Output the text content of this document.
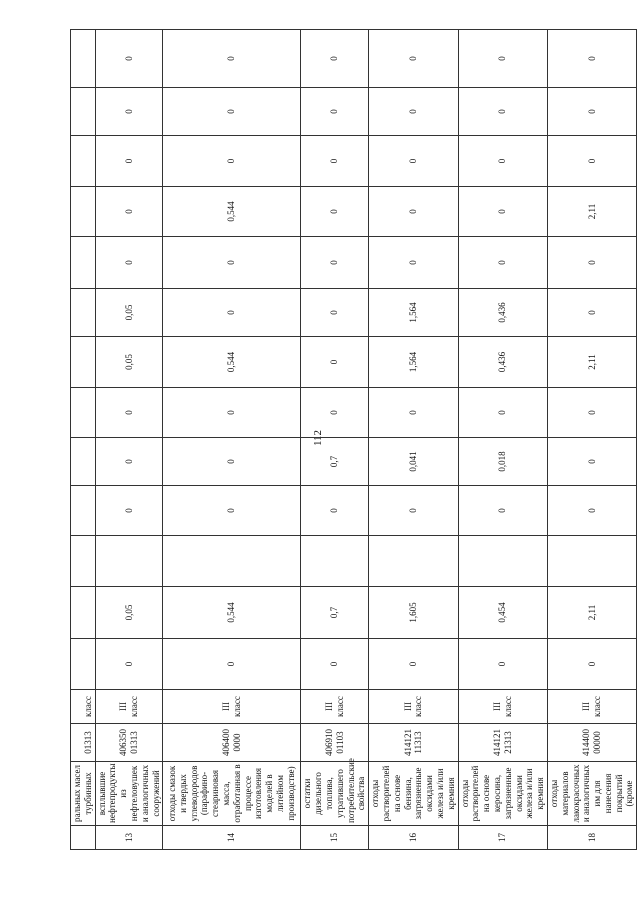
112
	ральных масел турбинных	01313	класс													
13	всплывшие нефтепродукты из нефтеловушек и аналогичных сооружений	406350 01313	III класс	0	0,05		0	0	0	0,05	0,05	0	0	0	0	0
14	отходы смазок и твердых углеводородов (парафино-стеариновая масса, отработанная в процессе изготовления моделей в литейном производстве)	406400 0000	III класс	0	0,544		0	0	0	0,544	0	0	0,544	0	0	0
15	остатки дизельного топлива, утратившего потребительские свойства	406910 01103	III класс	0	0,7		0	0,7	0	0	0	0	0	0	0	0
16	отходы растворителей на основе бензина, загрязненные оксидами железа и/или кремния	414121 11313	III класс	0	1,605		0	0,041	0	1,564	1,564	0	0	0	0	0
17	отходы растворителей на основе керосина, загрязненные оксидами железа и/или кремния	414121 21313	III класс	0	0,454		0	0,018	0	0,436	0,436	0	0	0	0	0
18	отходы материалов лакокрасочных и аналогичных им для нанесения покрытий (кроме	414400 00000	III класс	0	2,11		0	0	0	2,11	0	0	2,11	0	0	0
